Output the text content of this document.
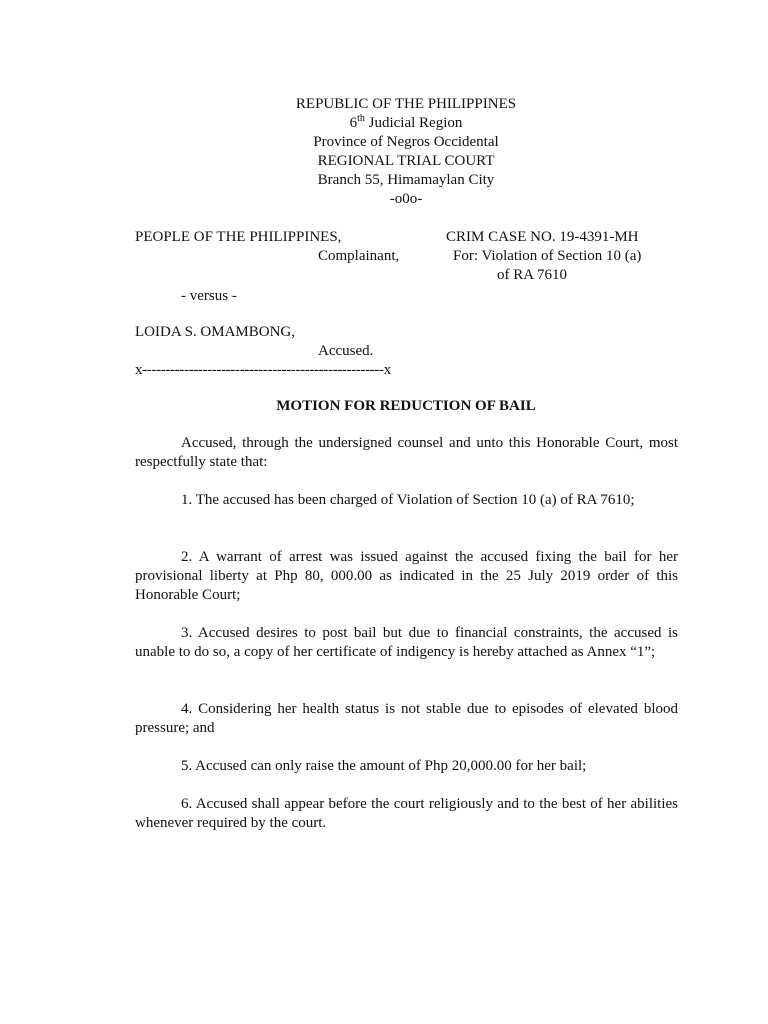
REPUBLIC OF THE PHILIPPINES
6th Judicial Region
Province of Negros Occidental
REGIONAL TRIAL COURT
Branch 55, Himamaylan City
-o0o-
PEOPLE OF THE PHILIPPINES,
Complainant,
CRIM CASE NO. 19-4391-MH
For: Violation of Section 10 (a)
of RA 7610
- versus -
LOIDA S. OMAMBONG,
Accused.
x----------------------------------------------------x
MOTION FOR REDUCTION OF BAIL
Accused, through the undersigned counsel and unto this Honorable Court, most respectfully state that:
1. The accused has been charged of Violation of Section 10 (a) of RA 7610;
2. A warrant of arrest was issued against the accused fixing the bail for her provisional liberty at Php 80, 000.00 as indicated in the 25 July 2019 order of this Honorable Court;
3. Accused desires to post bail but due to financial constraints, the accused is unable to do so, a copy of her certificate of indigency is hereby attached as Annex “1”;
4. Considering her health status is not stable due to episodes of elevated blood pressure; and
5. Accused can only raise the amount of Php 20,000.00 for her bail;
6. Accused shall appear before the court religiously and to the best of her abilities whenever required by the court.
